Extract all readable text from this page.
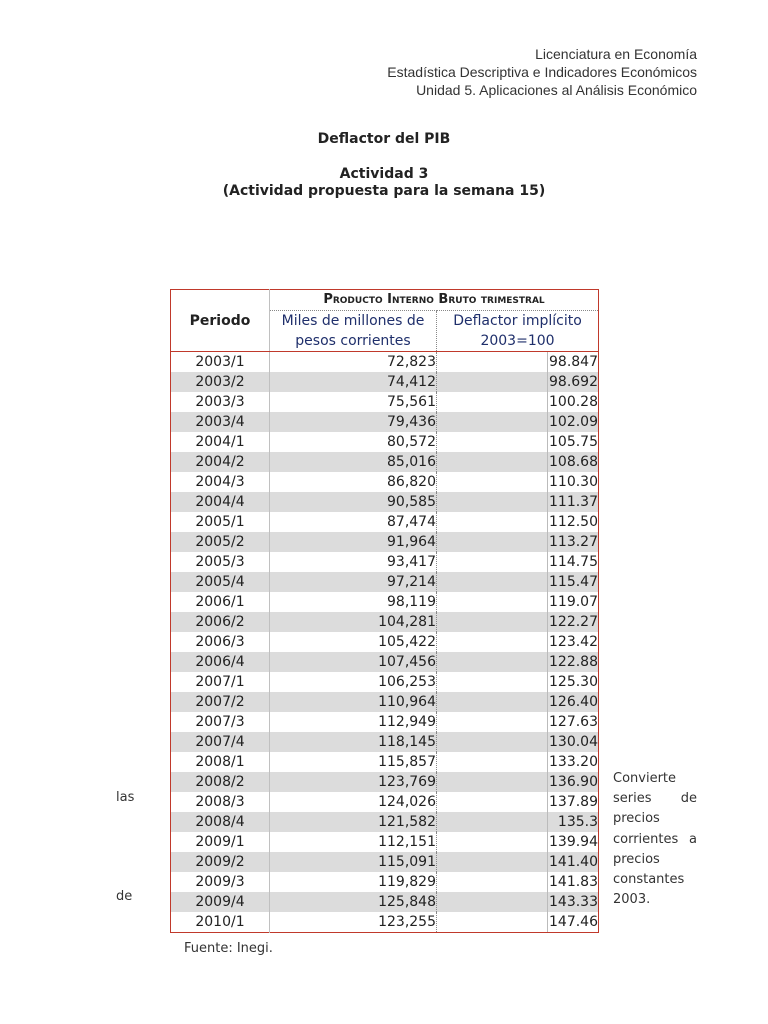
Licenciatura en Economía
Estadística Descriptiva e Indicadores Económicos
Unidad 5. Aplicaciones al Análisis Económico
Deflactor del PIB
Actividad 3
(Actividad propuesta para la semana 15)
Periodo	Producto Interno Bruto trimestral	
	Miles de millones de pesos corrientes	Deflactor implícito 2003=100
2003/1	72,823	98.847
2003/2	74,412	98.692
2003/3	75,561	100.28
2003/4	79,436	102.09
2004/1	80,572	105.75
2004/2	85,016	108.68
2004/3	86,820	110.30
2004/4	90,585	111.37
2005/1	87,474	112.50
2005/2	91,964	113.27
2005/3	93,417	114.75
2005/4	97,214	115.47
2006/1	98,119	119.07
2006/2	104,281	122.27
2006/3	105,422	123.42
2006/4	107,456	122.88
2007/1	106,253	125.30
2007/2	110,964	126.40
2007/3	112,949	127.63
2007/4	118,145	130.04
2008/1	115,857	133.20
2008/2	123,769	136.90
2008/3	124,026	137.89
2008/4	121,582	135.3
2009/1	112,151	139.94
2009/2	115,091	141.40
2009/3	119,829	141.83
2009/4	125,848	143.33
2010/1	123,255	147.46
Fuente: Inegi.
Convierte series de precios corrientes a precios constantes 2003.
las
de
